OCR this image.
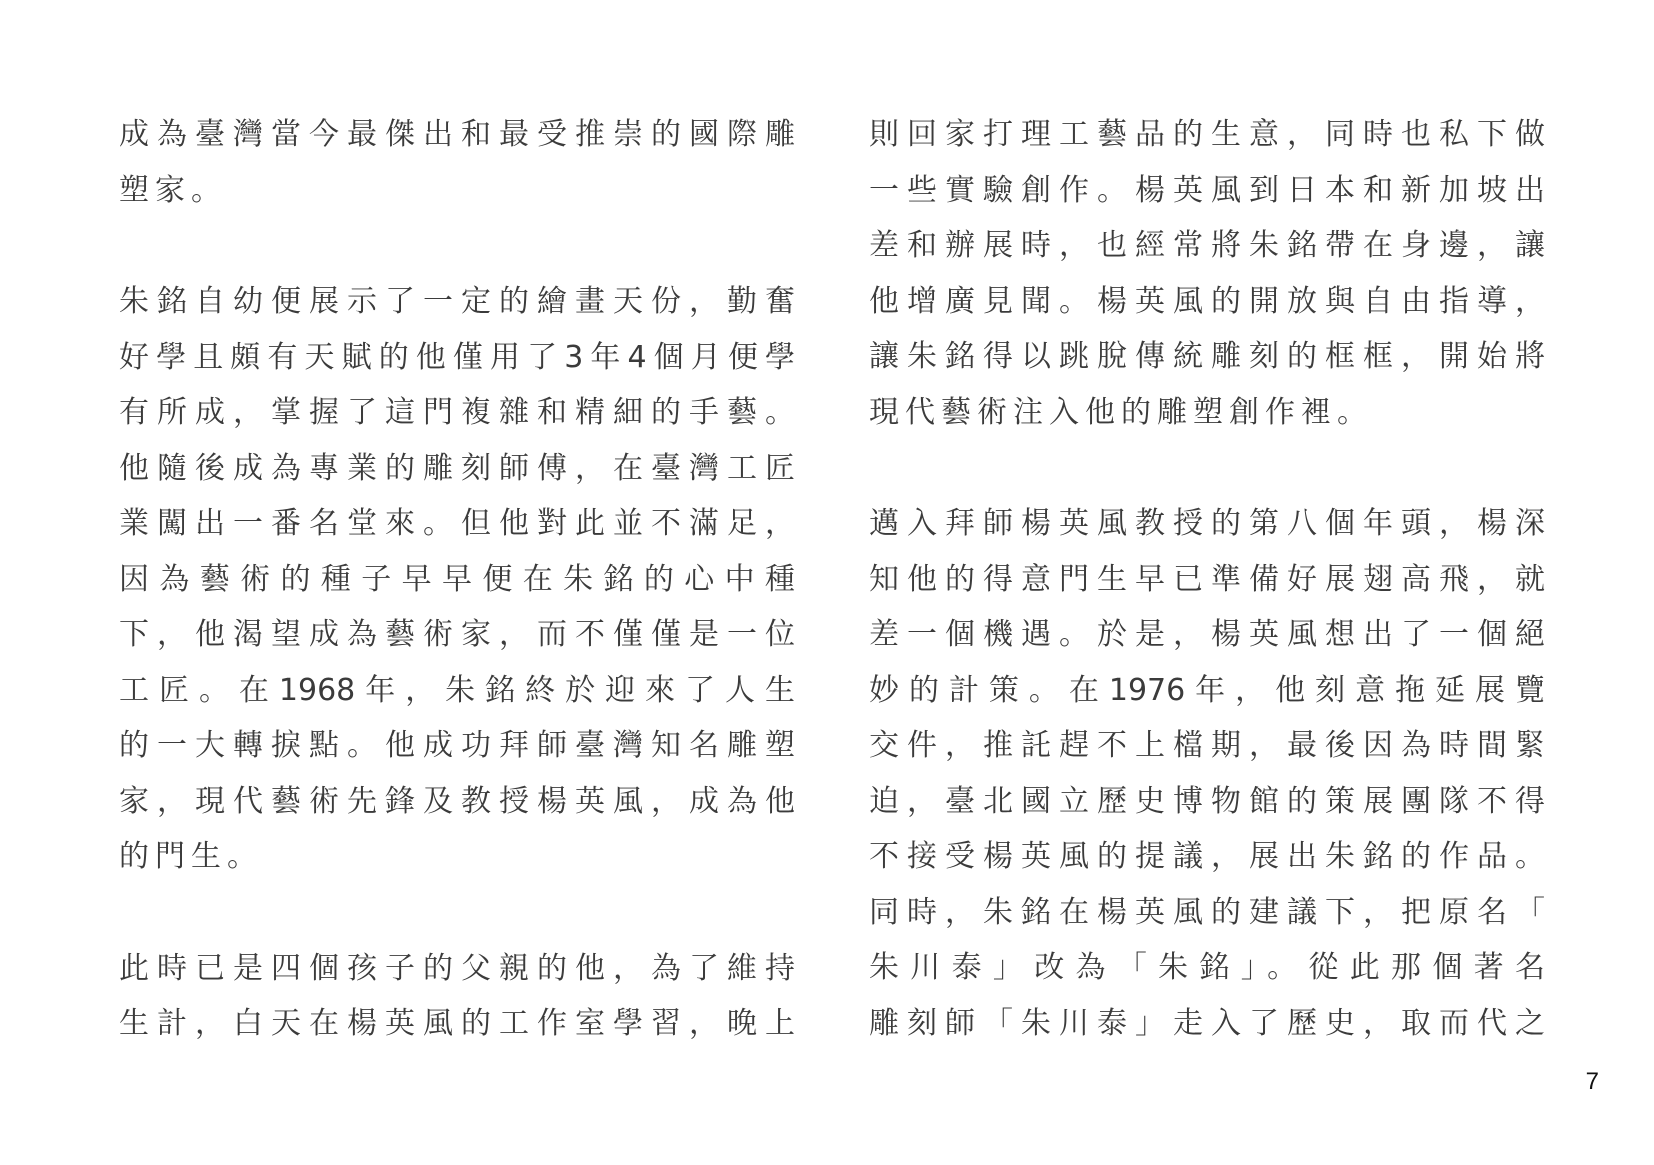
成為臺灣當今最傑出和最受推崇的國際雕
塑家。

朱銘自幼便展示了一定的繪畫天份，勤奮
好學且頗有天賦的他僅用了3年4個月便學
有所成，掌握了這門複雜和精細的手藝。
他隨後成為專業的雕刻師傅，在臺灣工匠
業闖出一番名堂來。但他對此並不滿足，
因為藝術的種子早早便在朱銘的心中種
下，他渴望成為藝術家，而不僅僅是一位
工匠。在1968年，朱銘終於迎來了人生
的一大轉捩點。他成功拜師臺灣知名雕塑
家，現代藝術先鋒及教授楊英風，成為他
的門生。

此時已是四個孩子的父親的他，為了維持
生計，白天在楊英風的工作室學習，晚上

則回家打理工藝品的生意，同時也私下做
一些實驗創作。楊英風到日本和新加坡出
差和辦展時，也經常將朱銘帶在身邊，讓
他增廣見聞。楊英風的開放與自由指導，
讓朱銘得以跳脫傳統雕刻的框框，開始將
現代藝術注入他的雕塑創作裡。

邁入拜師楊英風教授的第八個年頭，楊深
知他的得意門生早已準備好展翅高飛，就
差一個機遇。於是，楊英風想出了一個絕
妙的計策。在1976年，他刻意拖延展覽
交件，推託趕不上檔期，最後因為時間緊
迫，臺北國立歷史博物館的策展團隊不得
不接受楊英風的提議，展出朱銘的作品。
同時，朱銘在楊英風的建議下，把原名「
朱川泰」改為「朱銘」。從此那個著名
雕刻師「朱川泰」走入了歷史，取而代之

7
